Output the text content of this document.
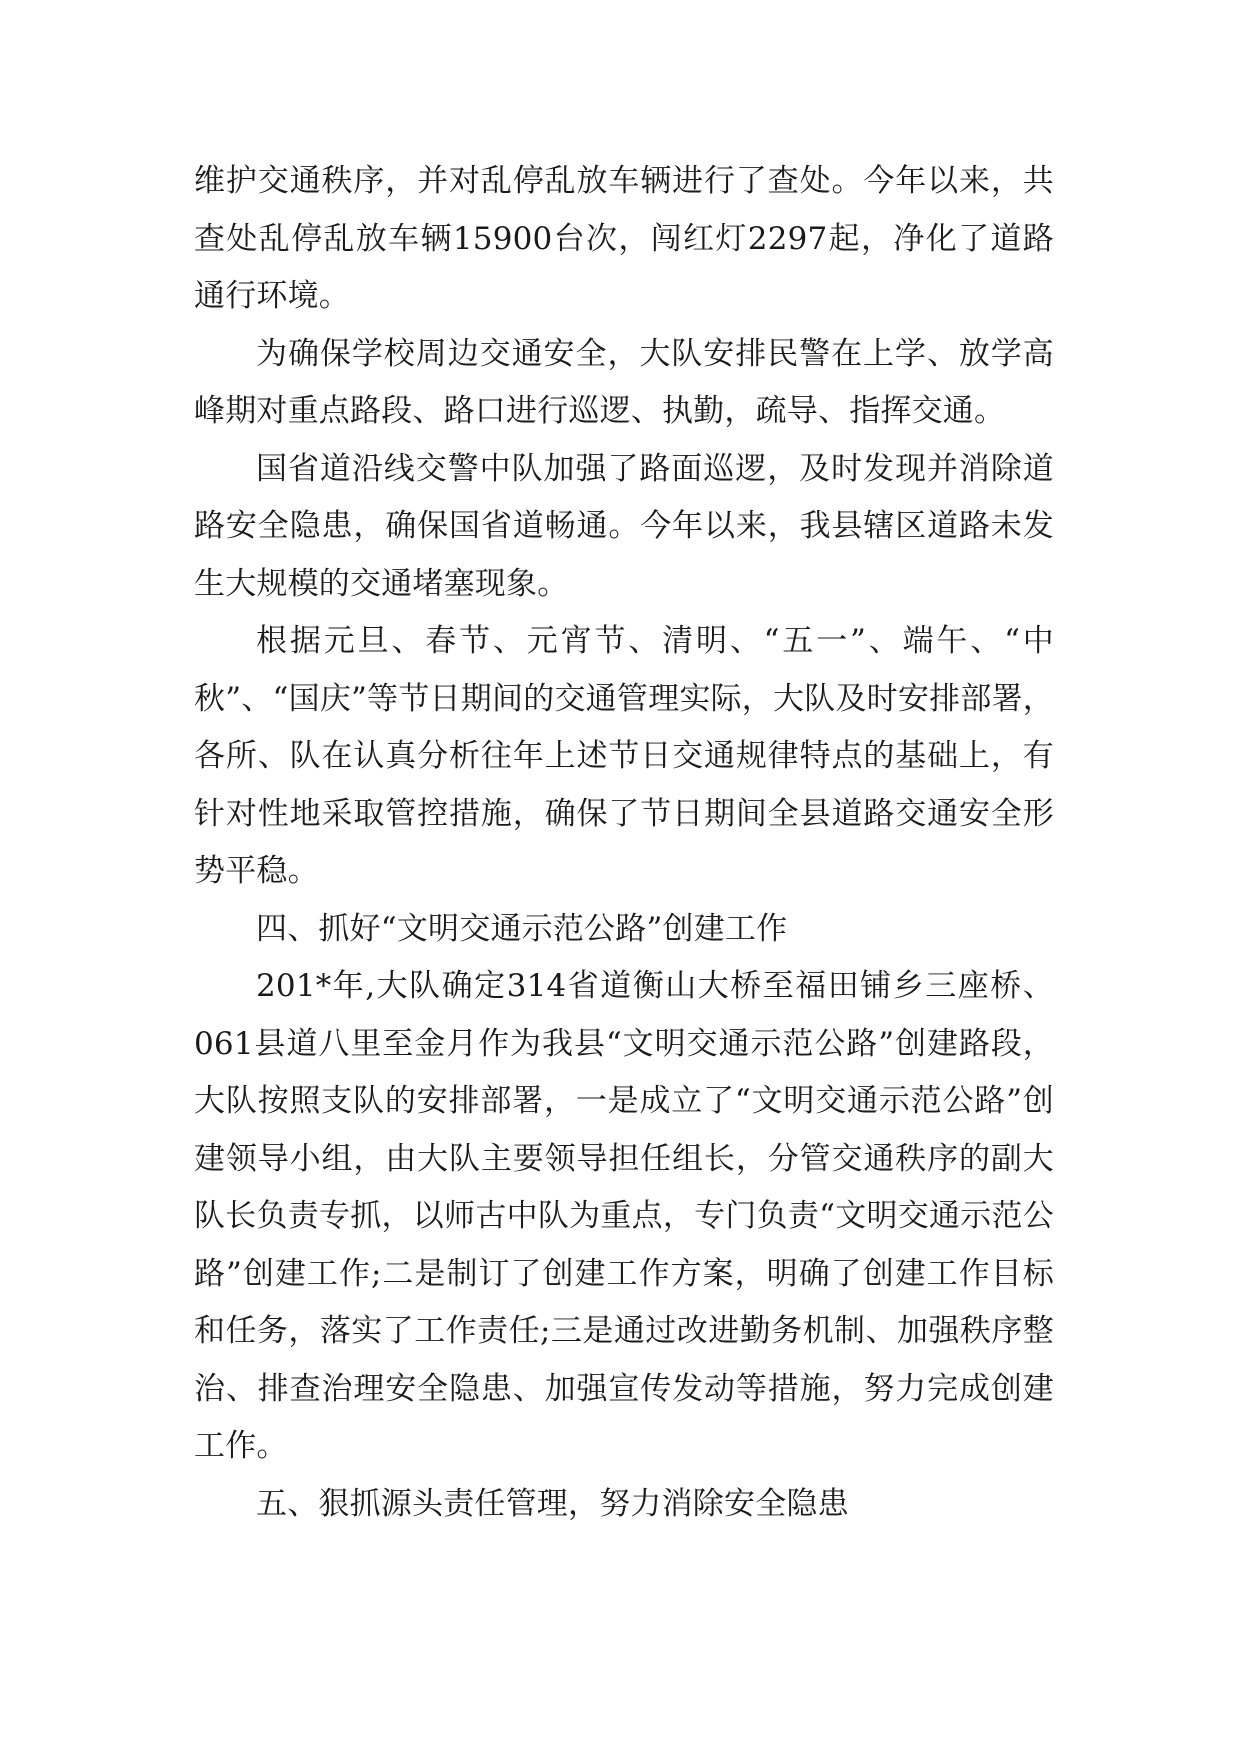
维护交通秩序，并对乱停乱放车辆进行了查处。今年以来，共查处乱停乱放车辆15900台次，闯红灯2297起，净化了道路通行环境。

为确保学校周边交通安全，大队安排民警在上学、放学高峰期对重点路段、路口进行巡逻、执勤，疏导、指挥交通。

国省道沿线交警中队加强了路面巡逻，及时发现并消除道路安全隐患，确保国省道畅通。今年以来，我县辖区道路未发生大规模的交通堵塞现象。

根据元旦、春节、元宵节、清明、“五一”、端午、“中秋”、“国庆”等节日期间的交通管理实际，大队及时安排部署，各所、队在认真分析往年上述节日交通规律特点的基础上，有针对性地采取管控措施，确保了节日期间全县道路交通安全形势平稳。

四、抓好“文明交通示范公路”创建工作

201*年,大队确定314省道衡山大桥至福田铺乡三座桥、061县道八里至金月作为我县“文明交通示范公路”创建路段，大队按照支队的安排部署，一是成立了“文明交通示范公路”创建领导小组，由大队主要领导担任组长，分管交通秩序的副大队长负责专抓，以师古中队为重点，专门负责“文明交通示范公路”创建工作;二是制订了创建工作方案，明确了创建工作目标和任务，落实了工作责任;三是通过改进勤务机制、加强秩序整治、排查治理安全隐患、加强宣传发动等措施，努力完成创建工作。

五、狠抓源头责任管理，努力消除安全隐患
